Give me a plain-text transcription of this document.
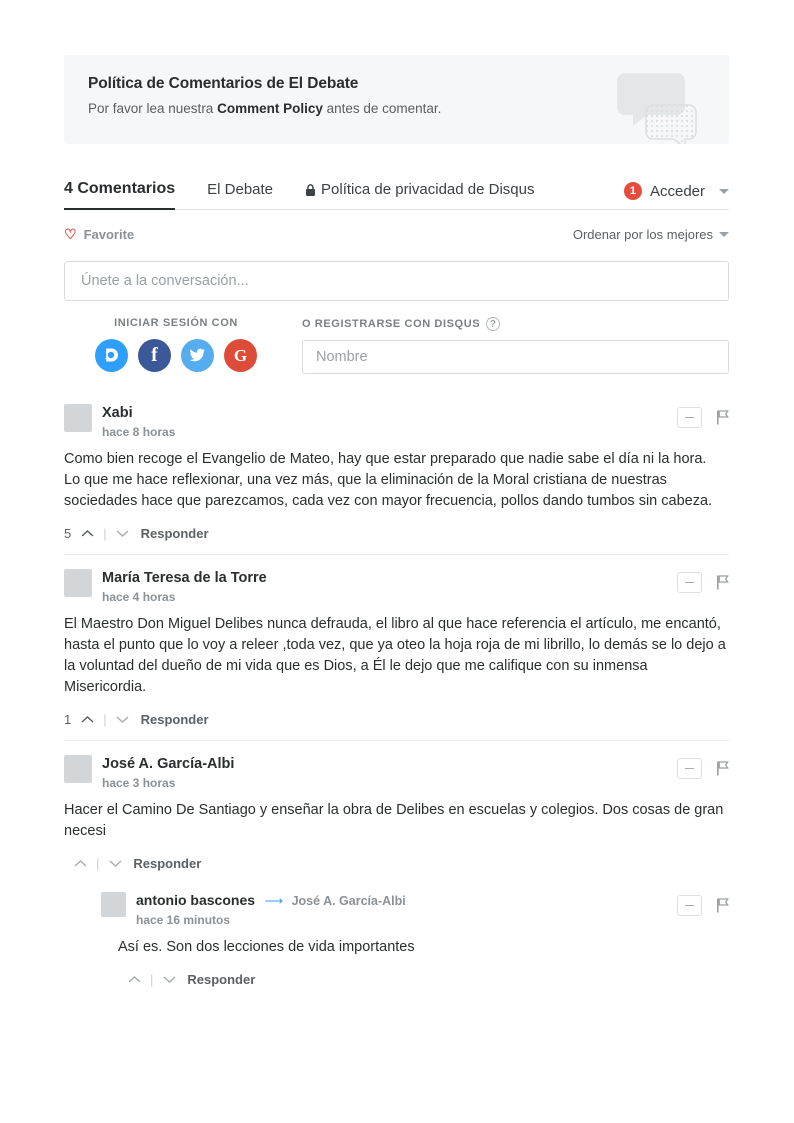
Política de Comentarios de El Debate
Por favor lea nuestra Comment Policy antes de comentar.
4 Comentarios El Debate	Política de privacidad de Disqus	1 Acceder
♡ Favorite	Ordenar por los mejores
Únete a la conversación...
INICIAR SESIÓN CON
f	G
O REGISTRARSE CON DISQUS ?
Nombre
Xabi
hace 8 horas

Como bien recoge el Evangelio de Mateo, hay que estar preparado que nadie sabe el día ni la hora.

Lo que me hace reflexionar, una vez más, que la eliminación de la Moral cristiana de nuestras sociedades hace que parezcamos, cada vez con mayor frecuencia, pollos dando tumbos sin cabeza.

5 |	Responder
María Teresa de la Torre
hace 4 horas

El Maestro Don Miguel Delibes nunca defrauda, el libro al que hace referencia el artículo, me encantó, hasta el punto que lo voy a releer ,toda vez, que ya oteo la hoja roja de mi librillo, lo demás se lo dejo a la voluntad del dueño de mi vida que es Dios, a Él le dejo que me califique con su inmensa Misericordia.

1 |	Responder
José A. García-Albi
hace 3 horas

Hacer el Camino De Santiago y enseñar la obra de Delibes en escuelas y colegios. Dos cosas de gran necesi

|	Responder
antonio bascones ⟶ José A. García-Albi
hace 16 minutos

Así es. Son dos lecciones de vida importantes

|	Responder
